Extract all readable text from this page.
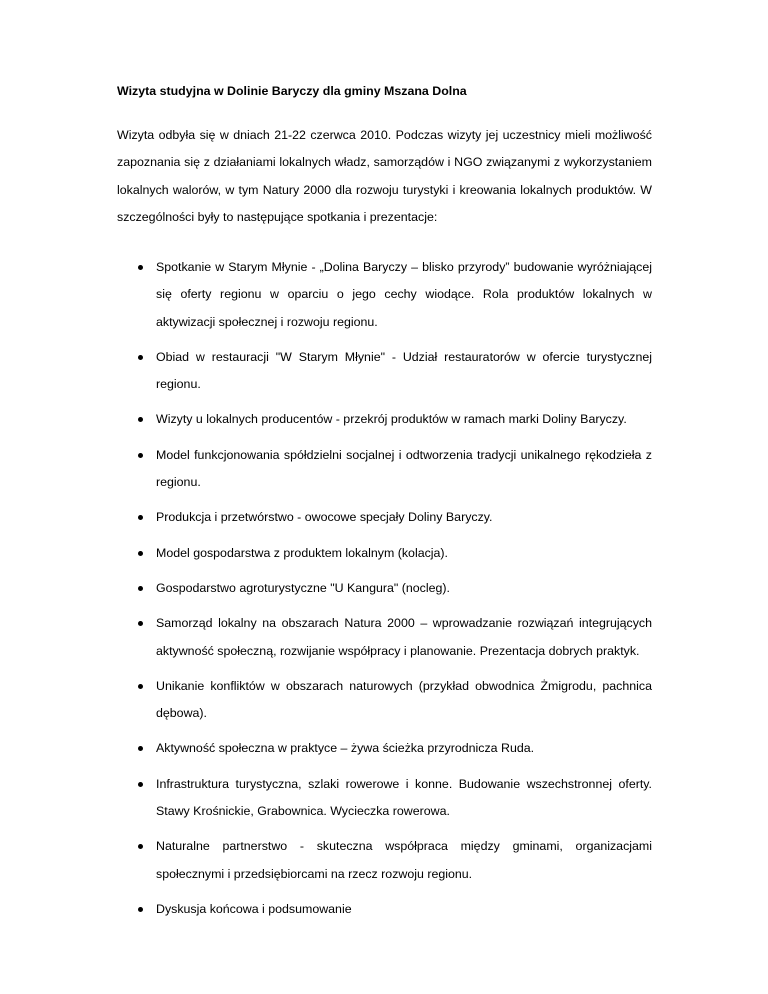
Wizyta studyjna w Dolinie Baryczy dla gminy Mszana Dolna

Wizyta odbyła się w dniach 21-22 czerwca 2010. Podczas wizyty jej uczestnicy mieli możliwość zapoznania się z działaniami lokalnych władz, samorządów i NGO związanymi z wykorzystaniem lokalnych walorów, w tym Natury 2000 dla rozwoju turystyki i kreowania lokalnych produktów. W szczególności były to następujące spotkania i prezentacje:

Spotkanie w Starym Młynie - „Dolina Baryczy – blisko przyrody” budowanie wyróżniającej się oferty regionu w oparciu o jego cechy wiodące. Rola produktów lokalnych w aktywizacji społecznej i rozwoju regionu.
Obiad w restauracji "W Starym Młynie" - Udział restauratorów w ofercie turystycznej regionu.
Wizyty u lokalnych producentów - przekrój produktów w ramach marki Doliny Baryczy.
Model funkcjonowania spółdzielni socjalnej i odtworzenia tradycji unikalnego rękodzieła z regionu.
Produkcja i przetwórstwo - owocowe specjały Doliny Baryczy.
Model gospodarstwa z produktem lokalnym (kolacja).
Gospodarstwo agroturystyczne "U Kangura" (nocleg).
Samorząd lokalny na obszarach Natura 2000 – wprowadzanie rozwiązań integrujących aktywność społeczną, rozwijanie współpracy i planowanie. Prezentacja dobrych praktyk.
Unikanie konfliktów w obszarach naturowych (przykład obwodnica Żmigrodu, pachnica dębowa).
Aktywność społeczna w praktyce – żywa ścieżka przyrodnicza Ruda.
Infrastruktura turystyczna, szlaki rowerowe i konne. Budowanie wszechstronnej oferty. Stawy Krośnickie, Grabownica. Wycieczka rowerowa.
Naturalne partnerstwo - skuteczna współpraca między gminami, organizacjami społecznymi i przedsiębiorcami na rzecz rozwoju regionu.
Dyskusja końcowa i podsumowanie
